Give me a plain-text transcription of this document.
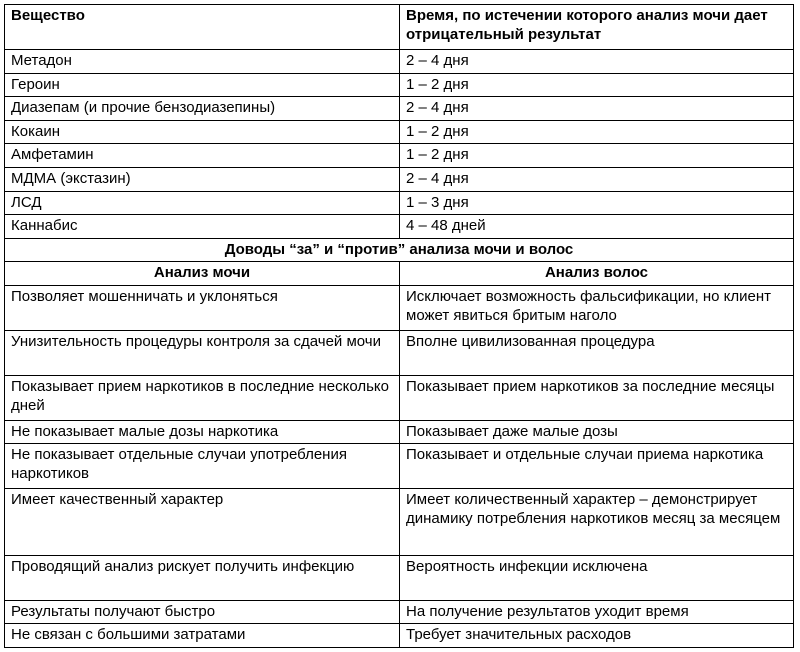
Вещество	Время, по истечении которого анализ мочи дает отрицательный результат
Метадон	2 – 4 дня
Героин	1 – 2 дня
Диазепам (и прочие бензодиазепины)	2 – 4 дня
Кокаин	1 – 2 дня
Амфетамин	1 – 2 дня
МДМА (экстазин)	2 – 4 дня
ЛСД	1 – 3 дня
Каннабис	4 – 48 дней
Доводы “за” и “против” анализа мочи и волос	
Анализ мочи	Анализ волос
Позволяет мошенничать и уклоняться	Исключает возможность фальсификации, но клиент может явиться бритым наголо
Унизительность процедуры контроля за сдачей мочи	Вполне цивилизованная процедура
Показывает прием наркотиков в последние несколько дней	Показывает прием наркотиков за последние месяцы
Не показывает малые дозы наркотика	Показывает даже малые дозы
Не показывает отдельные случаи употребления наркотиков	Показывает и отдельные случаи приема наркотика
Имеет качественный характер	Имеет количественный характер – демонстрирует динамику потребления наркотиков месяц за месяцем
Проводящий анализ рискует получить инфекцию	Вероятность инфекции исключена
Результаты получают быстро	На получение результатов уходит время
Не связан с большими затратами	Требует значительных расходов
